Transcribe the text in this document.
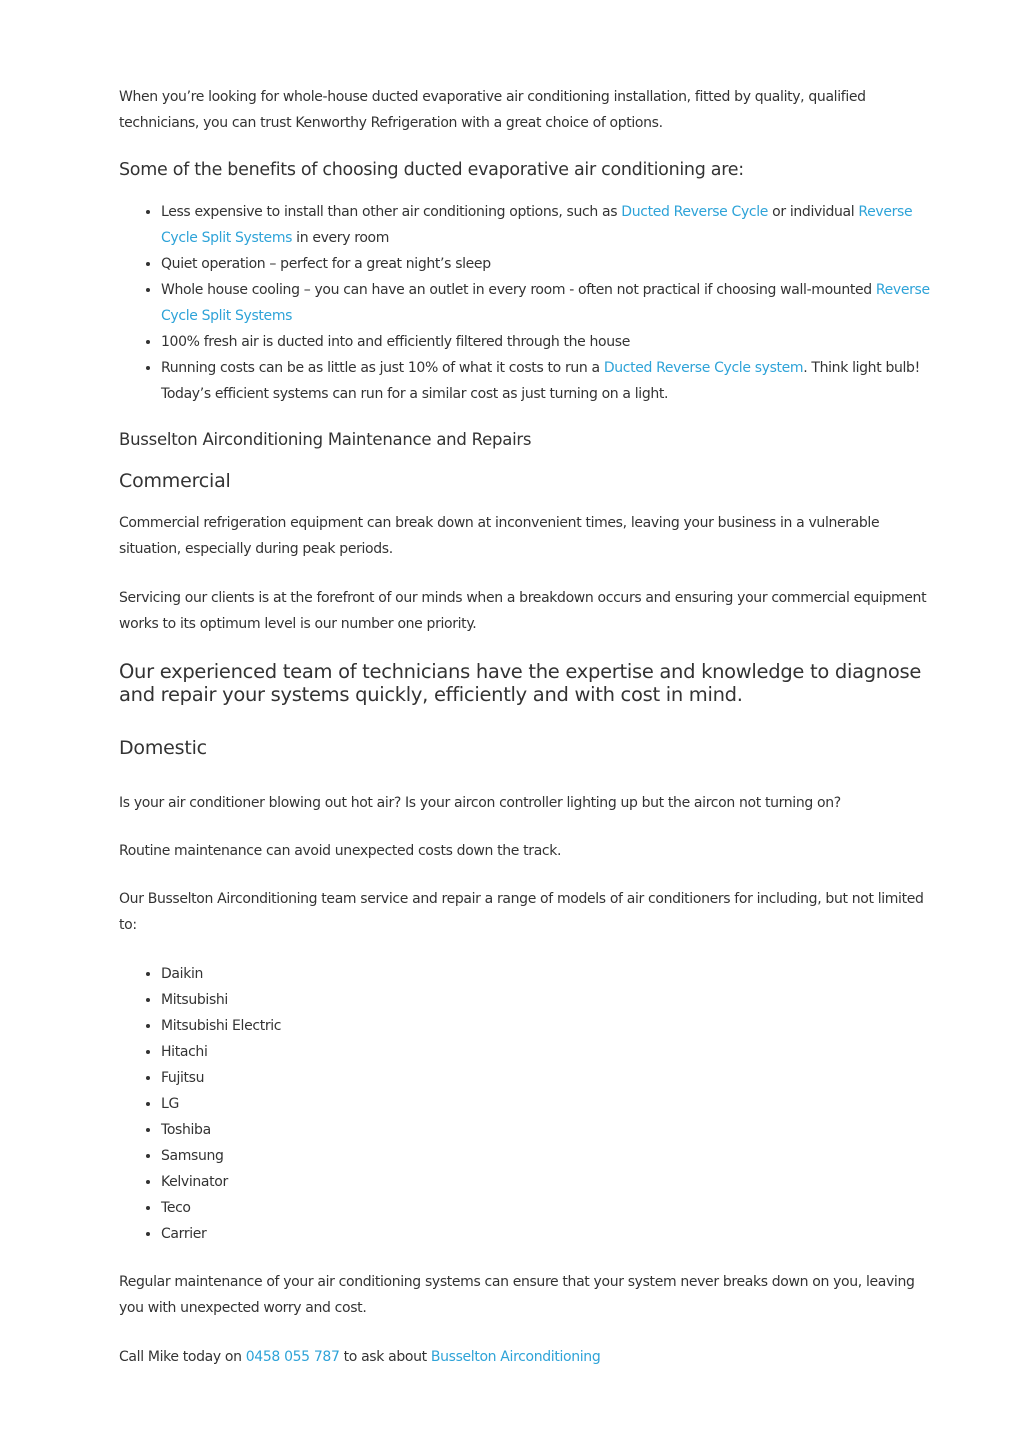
When you’re looking for whole-house ducted evaporative air conditioning installation, fitted by quality, qualified technicians, you can trust Kenworthy Refrigeration with a great choice of options.

Some of the benefits of choosing ducted evaporative air conditioning are:
• Less expensive to install than other air conditioning options, such as Ducted Reverse Cycle or individual Reverse Cycle Split Systems in every room
• Quiet operation – perfect for a great night’s sleep
• Whole house cooling – you can have an outlet in every room - often not practical if choosing wall-mounted Reverse Cycle Split Systems
• 100% fresh air is ducted into and efficiently filtered through the house
• Running costs can be as little as just 10% of what it costs to run a Ducted Reverse Cycle system. Think light bulb! Today’s efficient systems can run for a similar cost as just turning on a light.
Busselton Airconditioning Maintenance and Repairs
Commercial

Commercial refrigeration equipment can break down at inconvenient times, leaving your business in a vulnerable situation, especially during peak periods.

Servicing our clients is at the forefront of our minds when a breakdown occurs and ensuring your commercial equipment works to its optimum level is our number one priority.

Our experienced team of technicians have the expertise and knowledge to diagnose and repair your systems quickly, efficiently and with cost in mind.
Domestic

Is your air conditioner blowing out hot air? Is your aircon controller lighting up but the aircon not turning on?

Routine maintenance can avoid unexpected costs down the track.

Our Busselton Airconditioning team service and repair a range of models of air conditioners for including, but not limited to:

• Daikin
• Mitsubishi
• Mitsubishi Electric
• Hitachi
• Fujitsu
• LG
• Toshiba
• Samsung
• Kelvinator
• Teco
• Carrier

Regular maintenance of your air conditioning systems can ensure that your system never breaks down on you, leaving you with unexpected worry and cost.

Call Mike today on 0458 055 787 to ask about Busselton Airconditioning
